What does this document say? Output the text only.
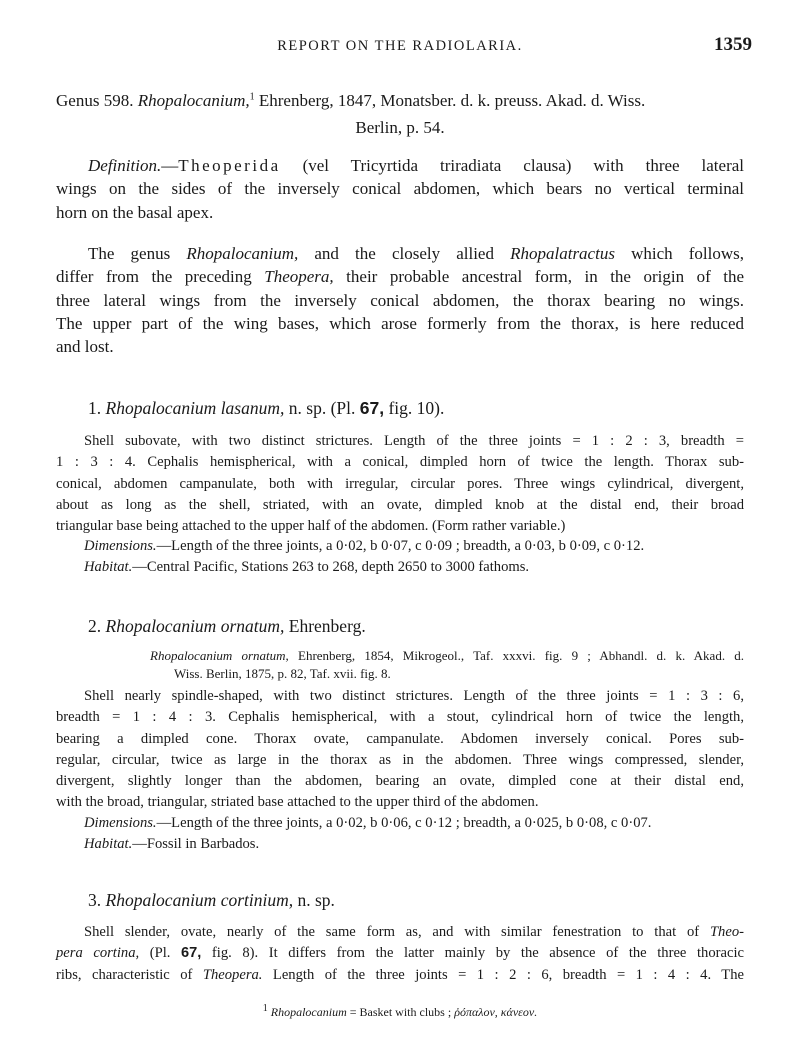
REPORT ON THE RADIOLARIA.	1359
Genus 598. Rhopalocanium,$^1$ Ehrenberg, 1847, Monatsber. d. k. preuss. Akad. d. Wiss.
Berlin, p. 54.
Definition.—Theoperida (vel Tricyrtida triradiata clausa) with three lateral
wings on the sides of the inversely conical abdomen, which bears no vertical terminal
horn on the basal apex.
The genus Rhopalocanium, and the closely allied Rhopalatractus which follows,
differ from the preceding Theopera, their probable ancestral form, in the origin of the
three lateral wings from the inversely conical abdomen, the thorax bearing no wings.
The upper part of the wing bases, which arose formerly from the thorax, is here reduced
and lost.
1. Rhopalocanium lasanum, n. sp. (Pl. 67, fig. 10).
Shell subovate, with two distinct strictures. Length of the three joints = 1 : 2 : 3, breadth =
1 : 3 : 4. Cephalis hemispherical, with a conical, dimpled horn of twice the length. Thorax sub-
conical, abdomen campanulate, both with irregular, circular pores. Three wings cylindrical, divergent,
about as long as the shell, striated, with an ovate, dimpled knob at the distal end, their broad
triangular base being attached to the upper half of the abdomen. (Form rather variable.)
Dimensions.—Length of the three joints, a 0·02, b 0·07, c 0·09 ; breadth, a 0·03, b 0·09, c 0·12.
Habitat.—Central Pacific, Stations 263 to 268, depth 2650 to 3000 fathoms.
2. Rhopalocanium ornatum, Ehrenberg.
Rhopalocanium ornatum, Ehrenberg, 1854, Mikrogeol., Taf. xxxvi. fig. 9 ; Abhandl. d. k. Akad. d.
Wiss. Berlin, 1875, p. 82, Taf. xvii. fig. 8.
Shell nearly spindle-shaped, with two distinct strictures. Length of the three joints = 1 : 3 : 6,
breadth = 1 : 4 : 3. Cephalis hemispherical, with a stout, cylindrical horn of twice the length,
bearing a dimpled cone. Thorax ovate, campanulate. Abdomen inversely conical. Pores sub-
regular, circular, twice as large in the thorax as in the abdomen. Three wings compressed, slender,
divergent, slightly longer than the abdomen, bearing an ovate, dimpled cone at their distal end,
with the broad, triangular, striated base attached to the upper third of the abdomen.
Dimensions.—Length of the three joints, a 0·02, b 0·06, c 0·12 ; breadth, a 0·025, b 0·08, c 0·07.
Habitat.—Fossil in Barbados.
3. Rhopalocanium cortinium, n. sp.
Shell slender, ovate, nearly of the same form as, and with similar fenestration to that of Theo-
pera cortina, (Pl. 67, fig. 8). It differs from the latter mainly by the absence of the three thoracic
ribs, characteristic of Theopera. Length of the three joints = 1 : 2 : 6, breadth = 1 : 4 : 4. The
$^1$ Rhopalocanium = Basket with clubs ; ῥόπαλον, κάνεον.
